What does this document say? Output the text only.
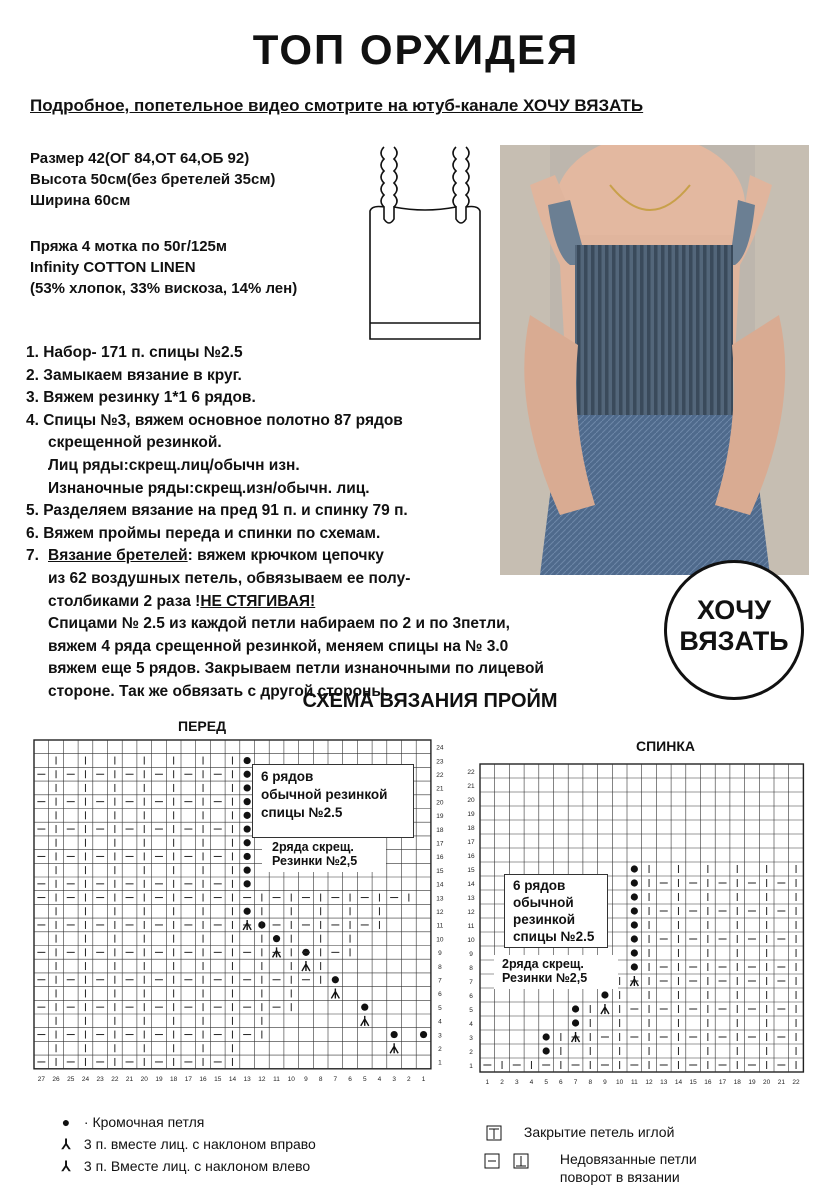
ТОП ОРХИДЕЯ
Подробное, попетельное видео смотрите на ютуб-канале ХОЧУ ВЯЗАТЬ
Размер 42(ОГ 84,ОТ 64,ОБ 92)
Высота 50см(без бретелей 35см)
Ширина 60см
Пряжа 4 мотка по 50г/125м
Infinity COTTON LINEN
(53% хлопок, 33% вискоза, 14% лен)
1. Набор- 171 п. спицы №2.5
2. Замыкаем вязание в круг.
3. Вяжем резинку 1*1 6 рядов.
4. Спицы №3, вяжем основное полотно 87 рядов
скрещенной резинкой.
Лиц ряды:скрещ.лиц/обычн изн.
Изнаночные ряды:скрещ.изн/обычн. лиц.
5. Разделяем вязание на пред 91 п. и спинку 79 п.
6. Вяжем проймы переда и спинки по схемам.
7. Вязание бретелей: вяжем крючком цепочку
из 62 воздушных петель, обвязываем ее полу-
столбиками 2 раза !НЕ СТЯГИВАЯ!
Спицами № 2.5 из каждой петли набираем по 2 и по 3петли,
вяжем 4 ряда срещенной резинкой, меняем спицы на № 3.0
вяжем еще 5 рядов. Закрываем петли изнаночными по лицевой
стороне. Так же обвязать с другой стороны.
ХОЧУ
ВЯЗАТЬ
СХЕМА ВЯЗАНИЯ ПРОЙМ
ПЕРЕД
СПИНКА
24
23
22
21
20
19
18
17
16
15
14
13
12
11
10
9
8
7
6
5
4
3
2
1
27 26 25 24 23 22 21 20 19 18 17 16 15 14 13 12 11 10 9 8 7 6 5 4 3 2 1
6 рядов
обычной резинкой
спицы №2.5
2ряда скрещ.
Резинки №2,5
22
21
20
19
18
17
16
15
14
13
12
11
10
9
8
7
6
5
4
3
2
1
1 2 3 4 5 6 7 8 9 10 11 12 13 14 15 16 17 18 19 20 21 22
6 рядов
обычной
резинкой
спицы №2.5
2ряда скрещ.
Резинки №2,5
● · Кромочная петля
⅄ 3 п. вместе лиц. с наклоном вправо
⅄ 3 п. Вместе лиц. с наклоном влево
Закрытие петель иглой
Недовязанные петли
поворот в вязании
